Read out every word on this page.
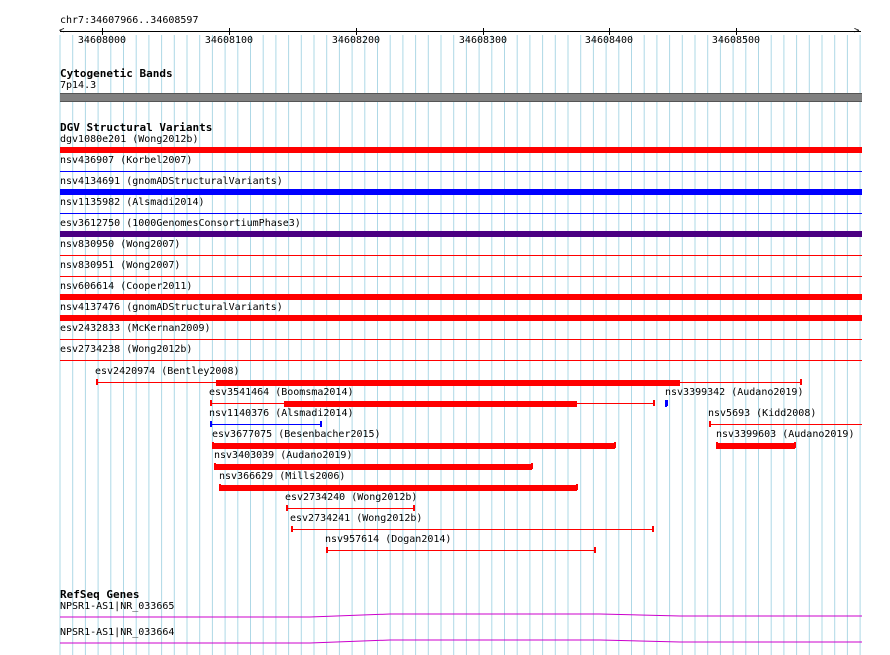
chr7:34607966..34608597
<	>
34608000	34608100	34608200	34608300	34608400	34608500
Cytogenetic Bands
7p14.3
DGV Structural Variants
dgv1080e201 (Wong2012b)
nsv436907 (Korbel2007)
nsv4134691 (gnomADStructuralVariants)
nsv1135982 (Alsmadi2014)
esv3612750 (1000GenomesConsortiumPhase3)
nsv830950 (Wong2007)
nsv830951 (Wong2007)
nsv606614 (Cooper2011)
nsv4137476 (gnomADStructuralVariants)
esv2432833 (McKernan2009)
esv2734238 (Wong2012b)
esv2420974 (Bentley2008)
esv3541464 (Boomsma2014)	nsv3399342 (Audano2019)
nsv1140376 (Alsmadi2014)	nsv5693 (Kidd2008)
esv3677075 (Besenbacher2015)	nsv3399603 (Audano2019)
nsv3403039 (Audano2019)
nsv366629 (Mills2006)
esv2734240 (Wong2012b)
esv2734241 (Wong2012b)
nsv957614 (Dogan2014)
RefSeq Genes
NPSR1-AS1|NR_033665
NPSR1-AS1|NR_033664
